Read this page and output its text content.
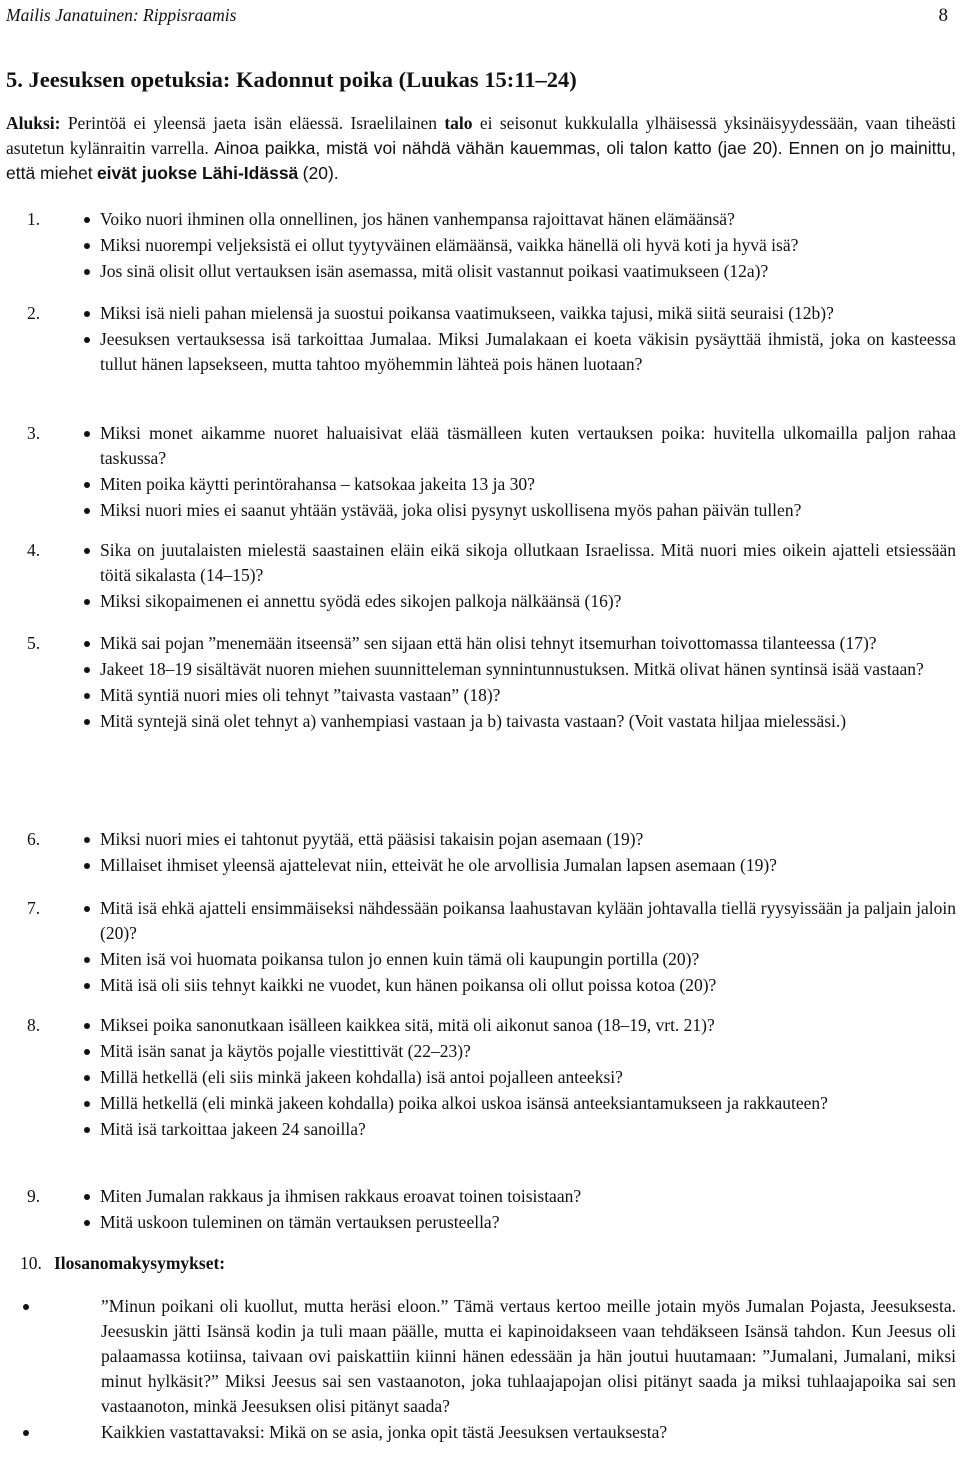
Mailis Janatuinen: Rippisraamis	8
5. Jeesuksen opetuksia: Kadonnut poika (Luukas 15:11–24)

Aluksi: Perintöä ei yleensä jaeta isän eläessä. Israelilainen talo ei seisonut kukkulalla ylhäisessä yksinäisyydessään, vaan tiheästi asutetun kylänraitin varrella. Ainoa paikka, mistä voi nähdä vähän kauemmas, oli talon katto (jae 20). Ennen on jo mainittu, että miehet eivät juokse Lähi-Idässä (20).

1.	Voiko nuori ihminen olla onnellinen, jos hänen vanhempansa rajoittavat hänen elämäänsä?
Miksi nuorempi veljeksistä ei ollut tyytyväinen elämäänsä, vaikka hänellä oli hyvä koti ja hyvä isä?
Jos sinä olisit ollut vertauksen isän asemassa, mitä olisit vastannut poikasi vaatimukseen (12a)?
2.	Miksi isä nieli pahan mielensä ja suostui poikansa vaatimukseen, vaikka tajusi, mikä siitä seuraisi (12b)?
Jeesuksen vertauksessa isä tarkoittaa Jumalaa. Miksi Jumalakaan ei koeta väkisin pysäyttää ihmistä, joka on kasteessa tullut hänen lapsekseen, mutta tahtoo myöhemmin lähteä pois hänen luotaan?
3.	Miksi monet aikamme nuoret haluaisivat elää täsmälleen kuten vertauksen poika: huvitella ulkomailla paljon rahaa taskussa?
Miten poika käytti perintörahansa – katsokaa jakeita 13 ja 30?
Miksi nuori mies ei saanut yhtään ystävää, joka olisi pysynyt uskollisena myös pahan päivän tullen?
4.	Sika on juutalaisten mielestä saastainen eläin eikä sikoja ollutkaan Israelissa. Mitä nuori mies oikein ajatteli etsiessään töitä sikalasta (14–15)?
Miksi sikopaimenen ei annettu syödä edes sikojen palkoja nälkäänsä (16)?
5.	Mikä sai pojan ”menemään itseensä” sen sijaan että hän olisi tehnyt itsemurhan toivottomassa tilanteessa (17)?
Jakeet 18–19 sisältävät nuoren miehen suunnitteleman synnintunnustuksen. Mitkä olivat hänen syntinsä isää vastaan?
Mitä syntiä nuori mies oli tehnyt ”taivasta vastaan” (18)?
Mitä syntejä sinä olet tehnyt a) vanhempiasi vastaan ja b) taivasta vastaan? (Voit vastata hiljaa mielessäsi.)
6.	Miksi nuori mies ei tahtonut pyytää, että pääsisi takaisin pojan asemaan (19)?
Millaiset ihmiset yleensä ajattelevat niin, etteivät he ole arvollisia Jumalan lapsen asemaan (19)?
7.	Mitä isä ehkä ajatteli ensimmäiseksi nähdessään poikansa laahustavan kylään johtavalla tiellä ryysyissään ja paljain jaloin (20)?
Miten isä voi huomata poikansa tulon jo ennen kuin tämä oli kaupungin portilla (20)?
Mitä isä oli siis tehnyt kaikki ne vuodet, kun hänen poikansa oli ollut poissa kotoa (20)?
8.	Miksei poika sanonutkaan isälleen kaikkea sitä, mitä oli aikonut sanoa (18–19, vrt. 21)?
Mitä isän sanat ja käytös pojalle viestittivät (22–23)?
Millä hetkellä (eli siis minkä jakeen kohdalla) isä antoi pojalleen anteeksi?
Millä hetkellä (eli minkä jakeen kohdalla) poika alkoi uskoa isänsä anteeksiantamukseen ja rakkauteen?
Mitä isä tarkoittaa jakeen 24 sanoilla?
9.	Miten Jumalan rakkaus ja ihmisen rakkaus eroavat toinen toisistaan?
Mitä uskoon tuleminen on tämän vertauksen perusteella?
10. Ilosanomakysymykset:
”Minun poikani oli kuollut, mutta heräsi eloon.” Tämä vertaus kertoo meille jotain myös Jumalan Pojasta, Jeesuksesta. Jeesuskin jätti Isänsä kodin ja tuli maan päälle, mutta ei kapinoidakseen vaan tehdäkseen Isänsä tahdon. Kun Jeesus oli palaamassa kotiinsa, taivaan ovi paiskattiin kiinni hänen edessään ja hän joutui huutamaan: ”Jumalani, Jumalani, miksi minut hylkäsit?” Miksi Jeesus sai sen vastaanoton, joka tuhlaajapojan olisi pitänyt saada ja miksi tuhlaajapoika sai sen vastaanoton, minkä Jeesuksen olisi pitänyt saada?
Kaikkien vastattavaksi: Mikä on se asia, jonka opit tästä Jeesuksen vertauksesta?
